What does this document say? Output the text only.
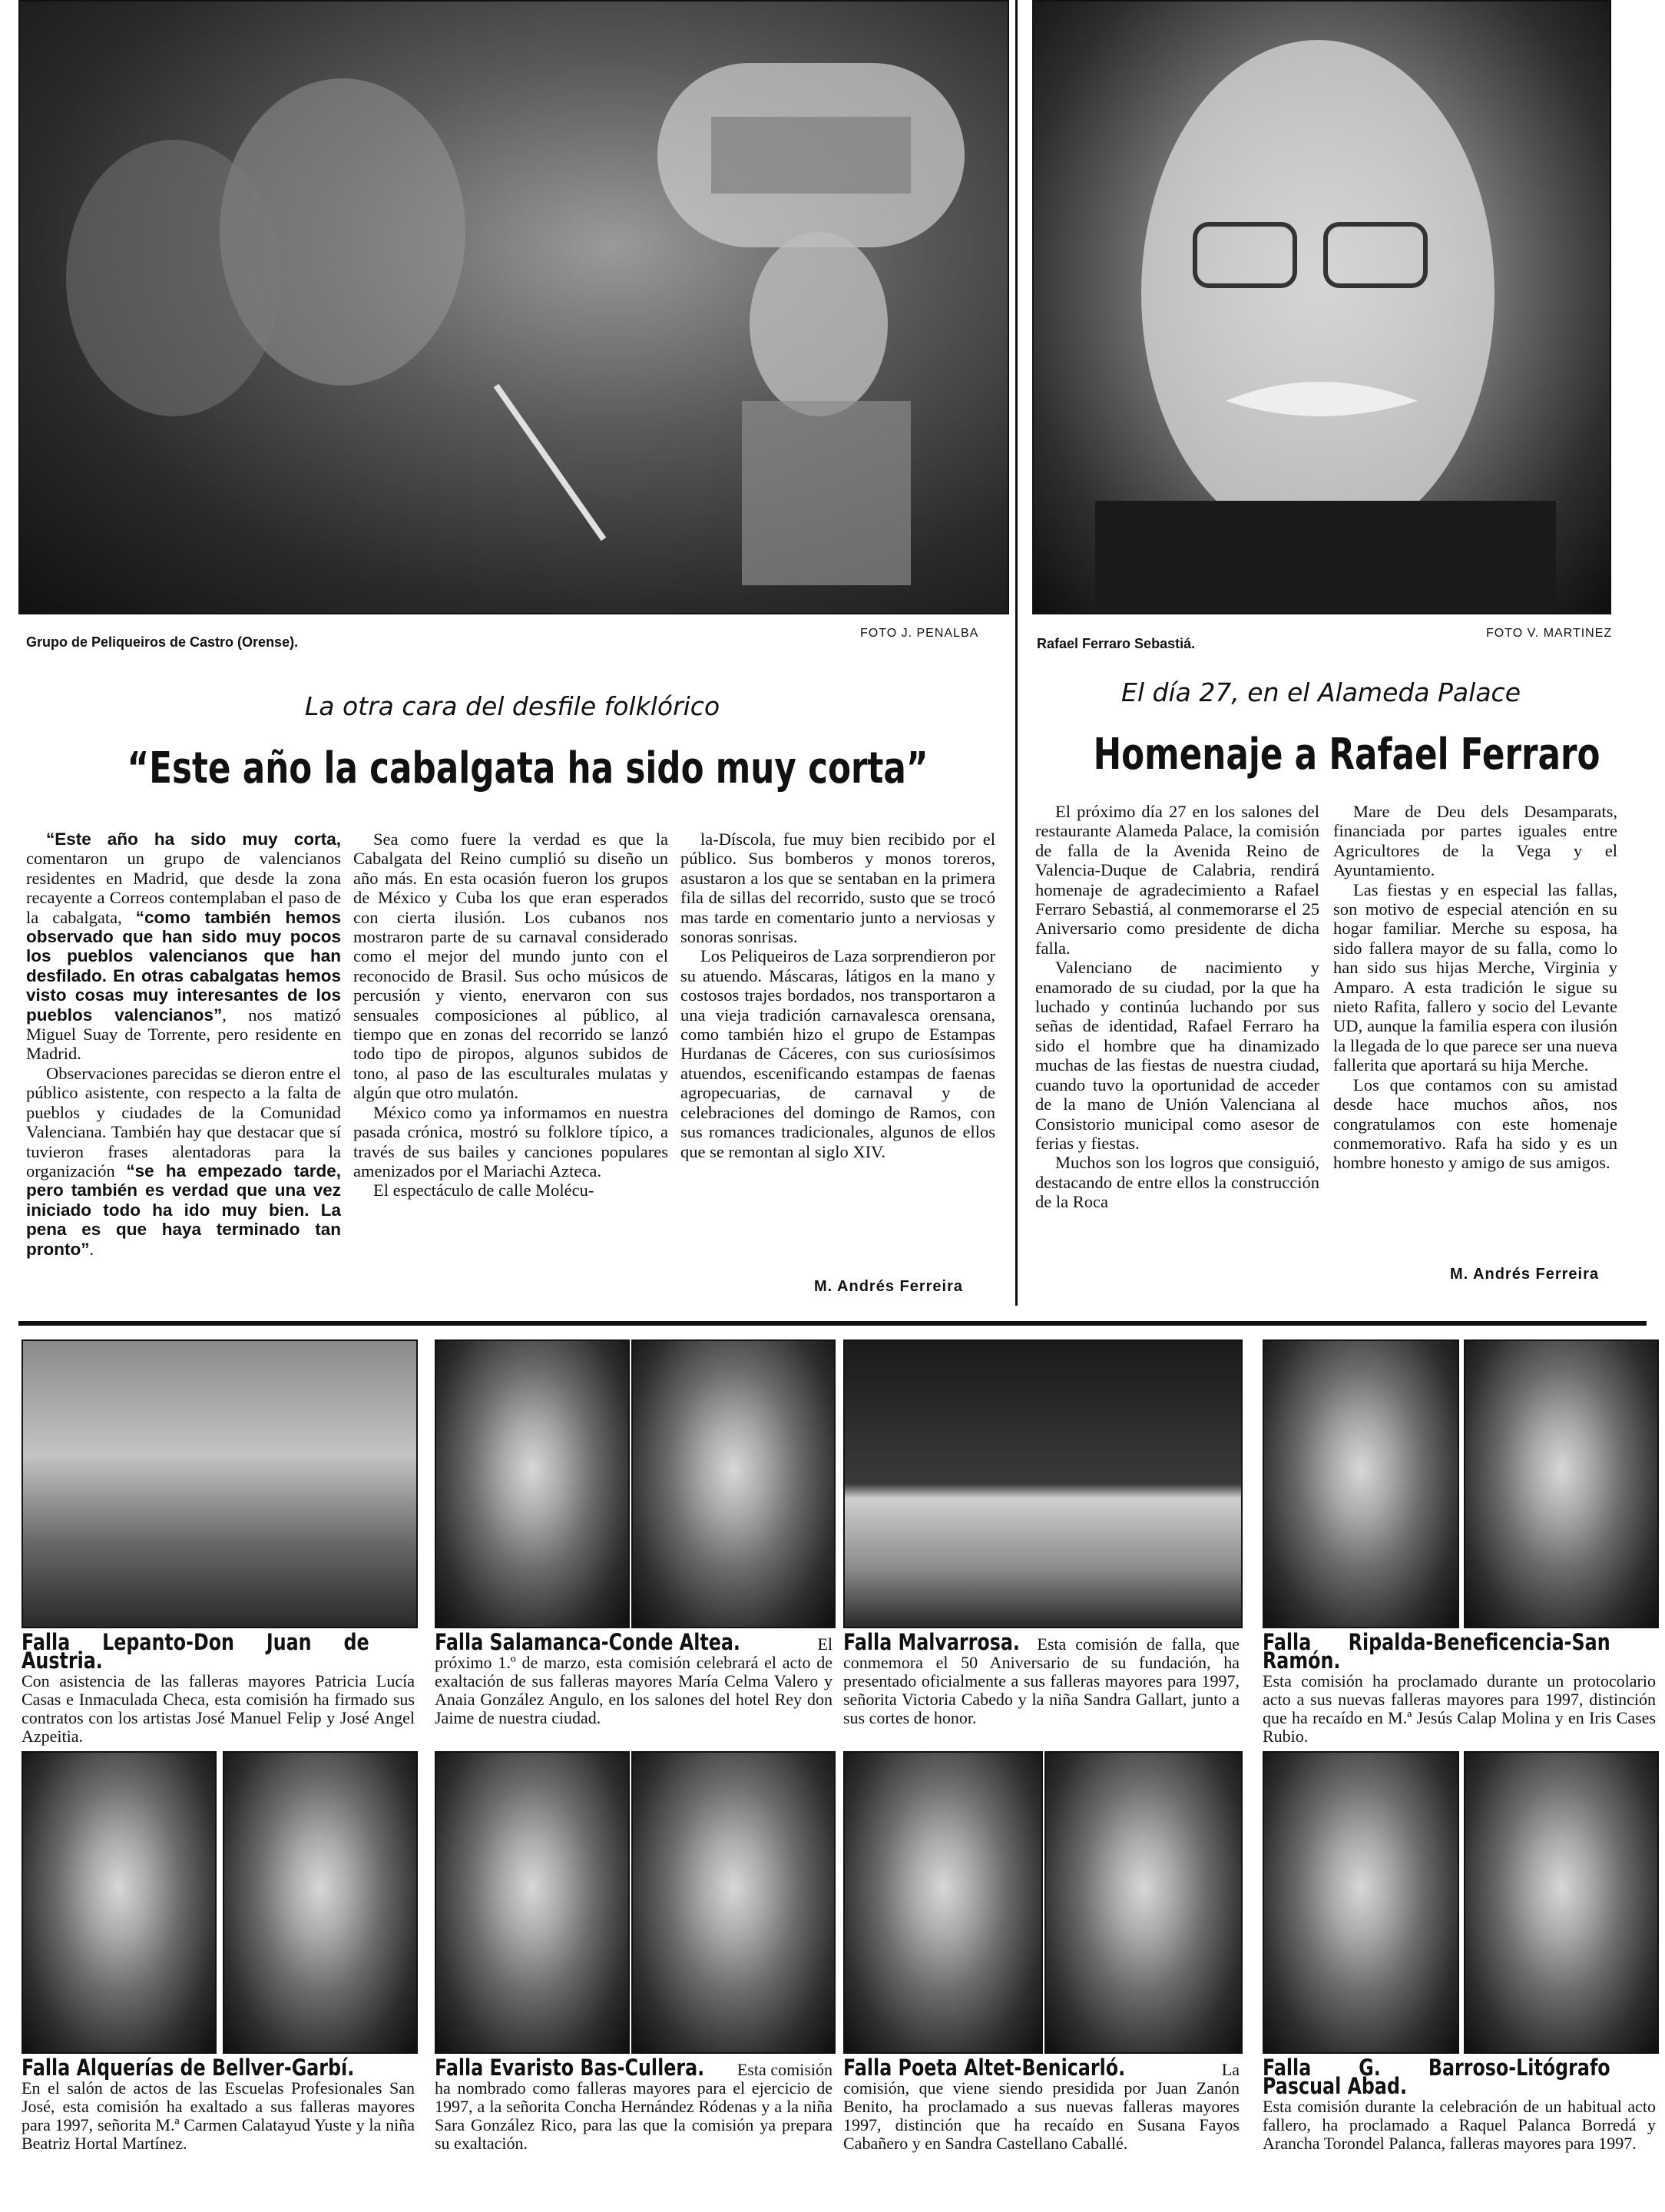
Grupo de Peliqueiros de Castro (Orense).
FOTO J. PENALBA
La otra cara del desfile folklórico
“Este año la cabalgata ha sido muy corta”

“Este año ha sido muy corta, comentaron un grupo de valencianos residentes en Madrid, que desde la zona recayente a Correos contemplaban el paso de la cabalgata, “como también hemos observado que han sido muy pocos los pueblos valencianos que han desfilado. En otras cabalgatas hemos visto cosas muy interesantes de los pueblos valencianos”, nos matizó Miguel Suay de Torrente, pero residente en Madrid.

Observaciones parecidas se dieron entre el público asistente, con respecto a la falta de pueblos y ciudades de la Comunidad Valenciana. También hay que destacar que sí tuvieron frases alentadoras para la organización “se ha empezado tarde, pero también es verdad que una vez iniciado todo ha ido muy bien. La pena es que haya terminado tan pronto”.

Sea como fuere la verdad es que la Cabalgata del Reino cumplió su diseño un año más. En esta ocasión fueron los grupos de México y Cuba los que eran esperados con cierta ilusión. Los cubanos nos mostraron parte de su carnaval considerado como el mejor del mundo junto con el reconocido de Brasil. Sus ocho músicos de percusión y viento, enervaron con sus sensuales composiciones al público, al tiempo que en zonas del recorrido se lanzó todo tipo de piropos, algunos subidos de tono, al paso de las esculturales mulatas y algún que otro mulatón.

México como ya informamos en nuestra pasada crónica, mostró su folklore típico, a través de sus bailes y canciones populares amenizados por el Mariachi Azteca.

El espectáculo de calle Molécu-

la-Díscola, fue muy bien recibido por el público. Sus bomberos y monos toreros, asustaron a los que se sentaban en la primera fila de sillas del recorrido, susto que se trocó mas tarde en comentario junto a nerviosas y sonoras sonrisas.

Los Peliqueiros de Laza sorprendieron por su atuendo. Máscaras, látigos en la mano y costosos trajes bordados, nos transportaron a una vieja tradición carnavalesca orensana, como también hizo el grupo de Estampas Hurdanas de Cáceres, con sus curiosísimos atuendos, escenificando estampas de faenas agropecuarias, de carnaval y de celebraciones del domingo de Ramos, con sus romances tradicionales, algunos de ellos que se remontan al siglo XIV.

M. Andrés Ferreira
Rafael Ferraro Sebastiá.
FOTO V. MARTINEZ
El día 27, en el Alameda Palace
Homenaje a Rafael Ferraro

El próximo día 27 en los salones del restaurante Alameda Palace, la comisión de falla de la Avenida Reino de Valencia-Duque de Calabria, rendirá homenaje de agradecimiento a Rafael Ferraro Sebastiá, al conmemorarse el 25 Aniversario como presidente de dicha falla.

Valenciano de nacimiento y enamorado de su ciudad, por la que ha luchado y continúa luchando por sus señas de identidad, Rafael Ferraro ha sido el hombre que ha dinamizado muchas de las fiestas de nuestra ciudad, cuando tuvo la oportunidad de acceder de la mano de Unión Valenciana al Consistorio municipal como asesor de ferias y fiestas.

Muchos son los logros que consiguió, destacando de entre ellos la construcción de la Roca

Mare de Deu dels Desamparats, financiada por partes iguales entre Agricultores de la Vega y el Ayuntamiento.

Las fiestas y en especial las fallas, son motivo de especial atención en su hogar familiar. Merche su esposa, ha sido fallera mayor de su falla, como lo han sido sus hijas Merche, Virginia y Amparo. A esta tradición le sigue su nieto Rafita, fallero y socio del Levante UD, aunque la familia espera con ilusión la llegada de lo que parece ser una nueva fallerita que aportará su hija Merche.

Los que contamos con su amistad desde hace muchos años, nos congratulamos con este homenaje conmemorativo. Rafa ha sido y es un hombre honesto y amigo de sus amigos.

M. Andrés Ferreira
Falla Lepanto-Don Juan de Austria. Con asistencia de las falleras mayores Patricia Lucía Casas e Inmaculada Checa, esta comisión ha firmado sus contratos con los artistas José Manuel Felip y José Angel Azpeitia.
Falla Salamanca-Conde Altea. El próximo 1.º de marzo, esta comisión celebrará el acto de exaltación de sus falleras mayores María Celma Valero y Anaia González Angulo, en los salones del hotel Rey don Jaime de nuestra ciudad.
Falla Malvarrosa. Esta comisión de falla, que conmemora el 50 Aniversario de su fundación, ha presentado oficialmente a sus falleras mayores para 1997, señorita Victoria Cabedo y la niña Sandra Gallart, junto a sus cortes de honor.
Falla Ripalda-Beneficencia-San Ramón. Esta comisión ha proclamado durante un protocolario acto a sus nuevas falleras mayores para 1997, distinción que ha recaído en M.ª Jesús Calap Molina y en Iris Cases Rubio.
Falla Alquerías de Bellver-Garbí. En el salón de actos de las Escuelas Profesionales San José, esta comisión ha exaltado a sus falleras mayores para 1997, señorita M.ª Carmen Calatayud Yuste y la niña Beatriz Hortal Martínez.
Falla Evaristo Bas-Cullera. Esta comisión ha nombrado como falleras mayores para el ejercicio de 1997, a la señorita Concha Hernández Ródenas y a la niña Sara González Rico, para las que la comisión ya prepara su exaltación.
Falla Poeta Altet-Benicarló. La comisión, que viene siendo presidida por Juan Zanón Benito, ha proclamado a sus nuevas falleras mayores 1997, distinción que ha recaído en Susana Fayos Cabañero y en Sandra Castellano Caballé.
Falla G. Barroso-Litógrafo Pascual Abad. Esta comisión durante la celebración de un habitual acto fallero, ha proclamado a Raquel Palanca Borredá y Arancha Torondel Palanca, falleras mayores para 1997.
